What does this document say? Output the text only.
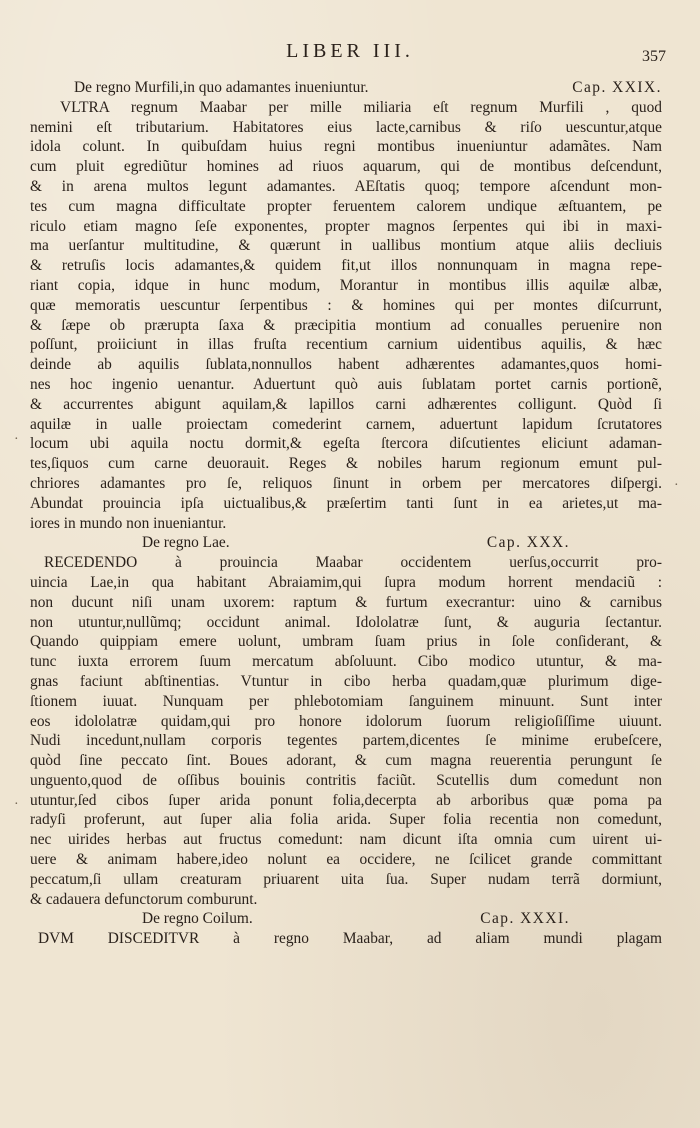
LIBER III.	357
De regno Murfili,in quo adamantes inueniuntur.	Cap. XXIX.
VLTRA regnum Maabar per mille miliaria eſt regnum Murfili , quod
nemini eſt tributarium. Habitatores eius lacte,carnibus & riſo uescuntur,atque
idola colunt. In quibuſdam huius regni montibus inueniuntur adamãtes. Nam
cum pluit egrediũtur homines ad riuos aquarum, qui de montibus deſcendunt,
& in arena multos legunt adamantes. AEſtatis quoq; tempore aſcendunt mon-
tes cum magna difficultate propter feruentem calorem undique æſtuantem, pe
riculo etiam magno ſeſe exponentes, propter magnos ſerpentes qui ibi in maxi-
ma uerſantur multitudine, & quærunt in uallibus montium atque aliis decliuis
& retruſis locis adamantes,& quidem fit,ut illos nonnunquam in magna repe-
riant copia, idque in hunc modum, Morantur in montibus illis aquilæ albæ,
quæ memoratis uescuntur ſerpentibus : & homines qui per montes diſcurrunt,
& ſæpe ob prærupta ſaxa & præcipitia montium ad conualles peruenire non
poſſunt, proiiciunt in illas fruſta recentium carnium uidentibus aquilis, & hæc
deinde ab aquilis ſublata,nonnullos habent adhærentes adamantes,quos homi-
nes hoc ingenio uenantur. Aduertunt quò auis ſublatam portet carnis portionẽ,
& accurrentes abigunt aquilam,& lapillos carni adhærentes colligunt. Quòd ſi
aquilæ in ualle proiectam comederint carnem, aduertunt lapidum ſcrutatores
locum ubi aquila noctu dormit,& egeſta ſtercora diſcutientes eliciunt adaman-
tes,ſiquos cum carne deuorauit. Reges & nobiles harum regionum emunt pul-
chriores adamantes pro ſe, reliquos ſinunt in orbem per mercatores diſpergi.
Abundat prouincia ipſa uictualibus,& præſertim tanti ſunt in ea arietes,ut ma-
iores in mundo non inueniantur.
De regno Lae.	Cap. XXX.
RECEDENDO à prouincia Maabar occidentem uerſus,occurrit pro-
uincia Lae,in qua habitant Abraiamim,qui ſupra modum horrent mendaciũ :
non ducunt niſi unam uxorem: raptum & furtum execrantur: uino & carnibus
non utuntur,nullũmq; occidunt animal. Idololatræ ſunt, & auguria ſectantur.
Quando quippiam emere uolunt, umbram ſuam prius in ſole conſiderant, &
tunc iuxta errorem ſuum mercatum abſoluunt. Cibo modico utuntur, & ma-
gnas faciunt abſtinentias. Vtuntur in cibo herba quadam,quæ plurimum dige-
ſtionem iuuat. Nunquam per phlebotomiam ſanguinem minuunt. Sunt inter
eos idololatræ quidam,qui pro honore idolorum ſuorum religioſiſſime uiuunt.
Nudi incedunt,nullam corporis tegentes partem,dicentes ſe minime erubeſcere,
quòd ſine peccato ſint. Boues adorant, & cum magna reuerentia perungunt ſe
unguento,quod de oſſibus bouinis contritis faciũt. Scutellis dum comedunt non
utuntur,ſed cibos ſuper arida ponunt folia,decerpta ab arboribus quæ poma pa
radyſi proferunt, aut ſuper alia folia arida. Super folia recentia non comedunt,
nec uirides herbas aut fructus comedunt: nam dicunt iſta omnia cum uirent ui-
uere & animam habere,ideo nolunt ea occidere, ne ſcilicet grande committant
peccatum,ſi ullam creaturam priuarent uita ſua. Super nudam terrã dormiunt,
& cadauera defunctorum comburunt.
De regno Coilum.	Cap. XXXI.
DVM DISCEDITVR à regno Maabar, ad aliam mundi plagam
·
·
·
